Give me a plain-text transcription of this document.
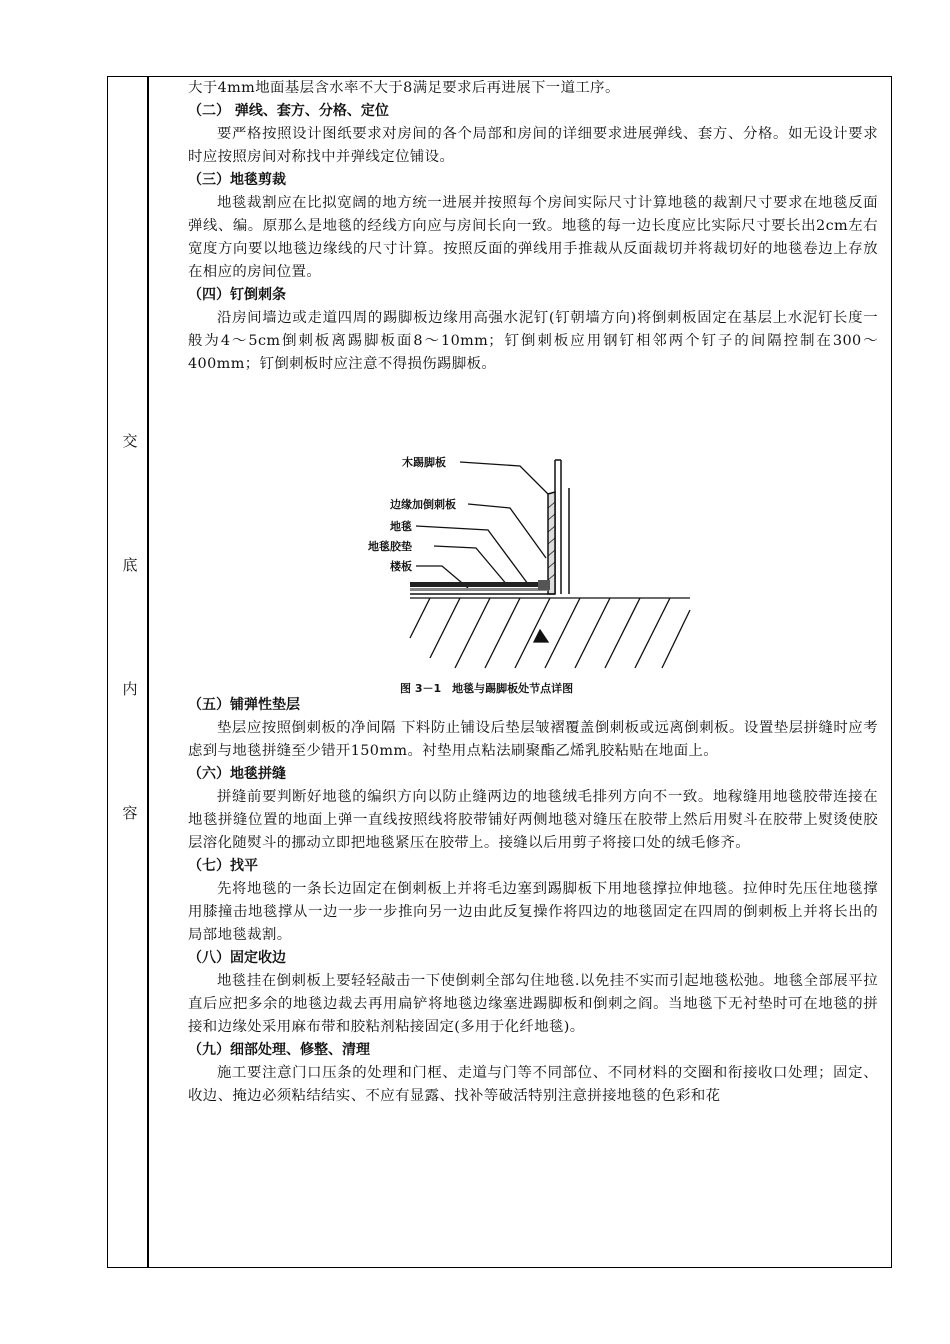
交
底
内
容

大于4mm地面基层含水率不大于8满足要求后再进展下一道工序。

（二） 弹线、套方、分格、定位

要严格按照设计图纸要求对房间的各个局部和房间的详细要求进展弹线、套方、分格。如无设计要求时应按照房间对称找中并弹线定位铺设。

（三）地毯剪裁

地毯裁割应在比拟宽阔的地方统一进展并按照每个房间实际尺寸计算地毯的裁割尺寸要求在地毯反面弹线、编。原那么是地毯的经线方向应与房间长向一致。地毯的每一边长度应比实际尺寸要长出2cm左右宽度方向要以地毯边缘线的尺寸计算。按照反面的弹线用手推裁从反面裁切并将裁切好的地毯卷边上存放在相应的房间位置。

（四）钉倒刺条

沿房间墙边或走道四周的踢脚板边缘用高强水泥钉(钉朝墙方向)将倒刺板固定在基层上水泥钉长度一般为4～5cm倒刺板离踢脚板面8～10mm；钉倒刺板应用钢钉相邻两个钉子的间隔控制在300～400mm；钉倒刺板时应注意不得损伤踢脚板。

（五）铺弹性垫层

垫层应按照倒刺板的净间隔 下料防止铺设后垫层皱褶覆盖倒刺板或远离倒刺板。设置垫层拼缝时应考虑到与地毯拼缝至少错开150mm。衬垫用点粘法刷聚酯乙烯乳胶粘贴在地面上。

（六）地毯拼缝

拼缝前要判断好地毯的编织方向以防止缝两边的地毯绒毛排列方向不一致。地稼缝用地毯胶带连接在地毯拼缝位置的地面上弹一直线按照线将胶带铺好两侧地毯对缝压在胶带上然后用熨斗在胶带上熨烫使胶层溶化随熨斗的挪动立即把地毯紧压在胶带上。接缝以后用剪子将接口处的绒毛修齐。

（七）找平

先将地毯的一条长边固定在倒刺板上并将毛边塞到踢脚板下用地毯撑拉伸地毯。拉伸时先压住地毯撑用膝撞击地毯撑从一边一步一步推向另一边由此反复操作将四边的地毯固定在四周的倒刺板上并将长出的局部地毯裁割。

（八）固定收边

地毯挂在倒刺板上要轻轻敲击一下使倒刺全部勾住地毯.以免挂不实而引起地毯松弛。地毯全部展平拉直后应把多余的地毯边裁去再用扁铲将地毯边缘塞进踢脚板和倒刺之阎。当地毯下无衬垫时可在地毯的拼接和边缘处采用麻布带和胶粘剂粘接固定(多用于化纤地毯)。

（九）细部处理、修整、清理

施工要注意门口压条的处理和门框、走道与门等不同部位、不同材料的交圈和衔接收口处理；固定、收边、掩边必须粘结结实、不应有显露、找补等破活特别注意拼接地毯的色彩和花

木踢脚板
边缘加倒刺板
地毯
地毯胶垫
楼板
图 3－1　地毯与踢脚板处节点详图
